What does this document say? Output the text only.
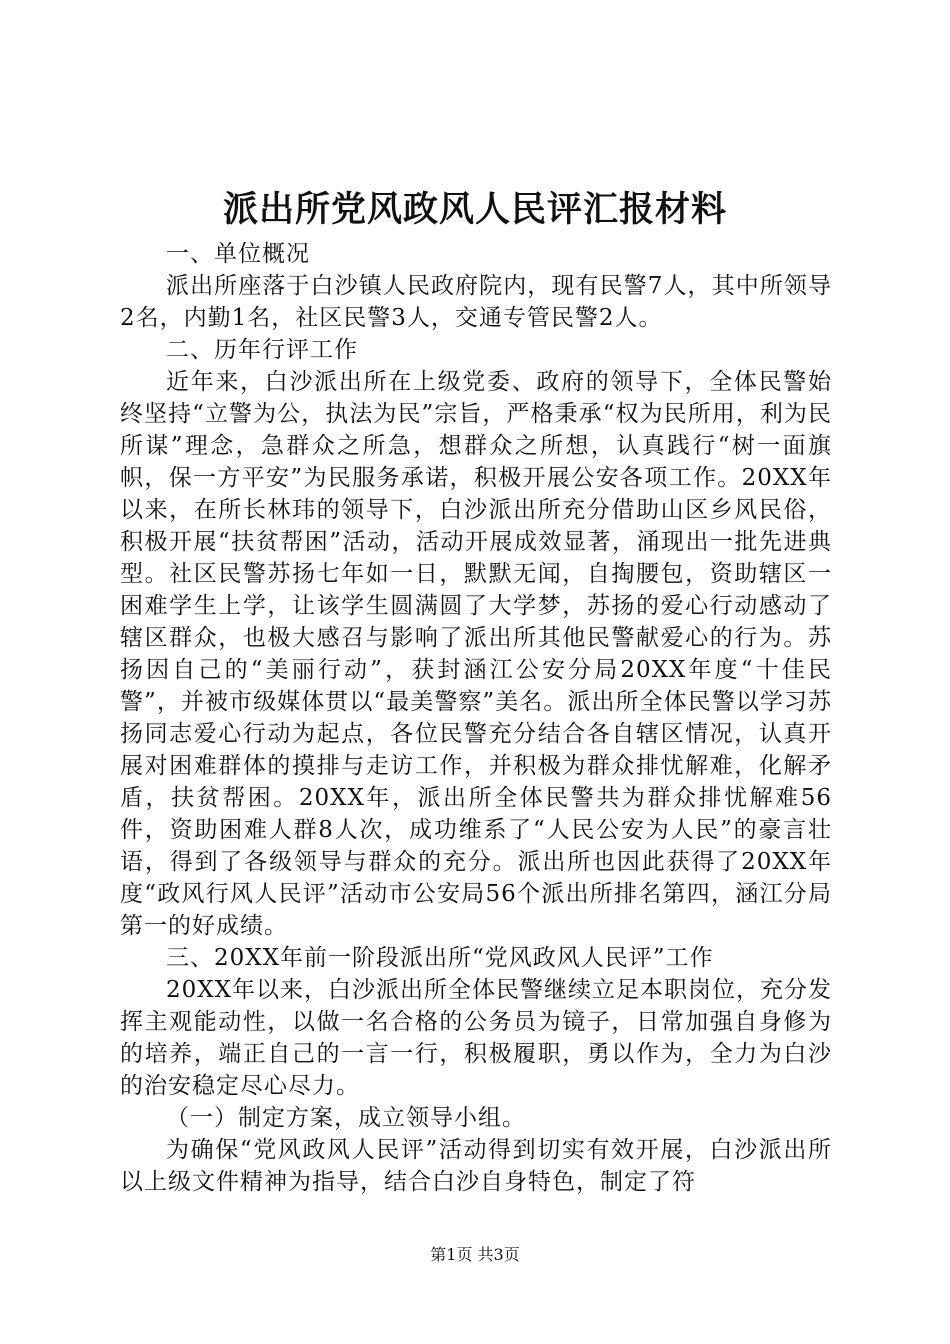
派出所党风政风人民评汇报材料

一、单位概况

派出所座落于白沙镇人民政府院内，现有民警7人，其中所领导2名，内勤1名，社区民警3人，交通专管民警2人。

二、历年行评工作

近年来，白沙派出所在上级党委、政府的领导下，全体民警始终坚持“立警为公，执法为民”宗旨，严格秉承“权为民所用，利为民所谋”理念，急群众之所急，想群众之所想，认真践行“树一面旗帜，保一方平安”为民服务承诺，积极开展公安各项工作。20XX年以来，在所长林玮的领导下，白沙派出所充分借助山区乡风民俗，积极开展“扶贫帮困”活动，活动开展成效显著，涌现出一批先进典型。社区民警苏扬七年如一日，默默无闻，自掏腰包，资助辖区一困难学生上学，让该学生圆满圆了大学梦，苏扬的爱心行动感动了辖区群众，也极大感召与影响了派出所其他民警献爱心的行为。苏扬因自己的“美丽行动”，获封涵江公安分局20XX年度“十佳民警”，并被市级媒体贯以“最美警察”美名。派出所全体民警以学习苏扬同志爱心行动为起点，各位民警充分结合各自辖区情况，认真开展对困难群体的摸排与走访工作，并积极为群众排忧解难，化解矛盾，扶贫帮困。20XX年，派出所全体民警共为群众排忧解难56件，资助困难人群8人次，成功维系了“人民公安为人民”的豪言壮语，得到了各级领导与群众的充分。派出所也因此获得了20XX年度“政风行风人民评”活动市公安局56个派出所排名第四，涵江分局第一的好成绩。

三、20XX年前一阶段派出所“党风政风人民评”工作

20XX年以来，白沙派出所全体民警继续立足本职岗位，充分发挥主观能动性，以做一名合格的公务员为镜子，日常加强自身修为的培养，端正自己的一言一行，积极履职，勇以作为，全力为白沙的治安稳定尽心尽力。

（一）制定方案，成立领导小组。

为确保“党风政风人民评”活动得到切实有效开展，白沙派出所以上级文件精神为指导，结合白沙自身特色，制定了符

第1页 共3页
